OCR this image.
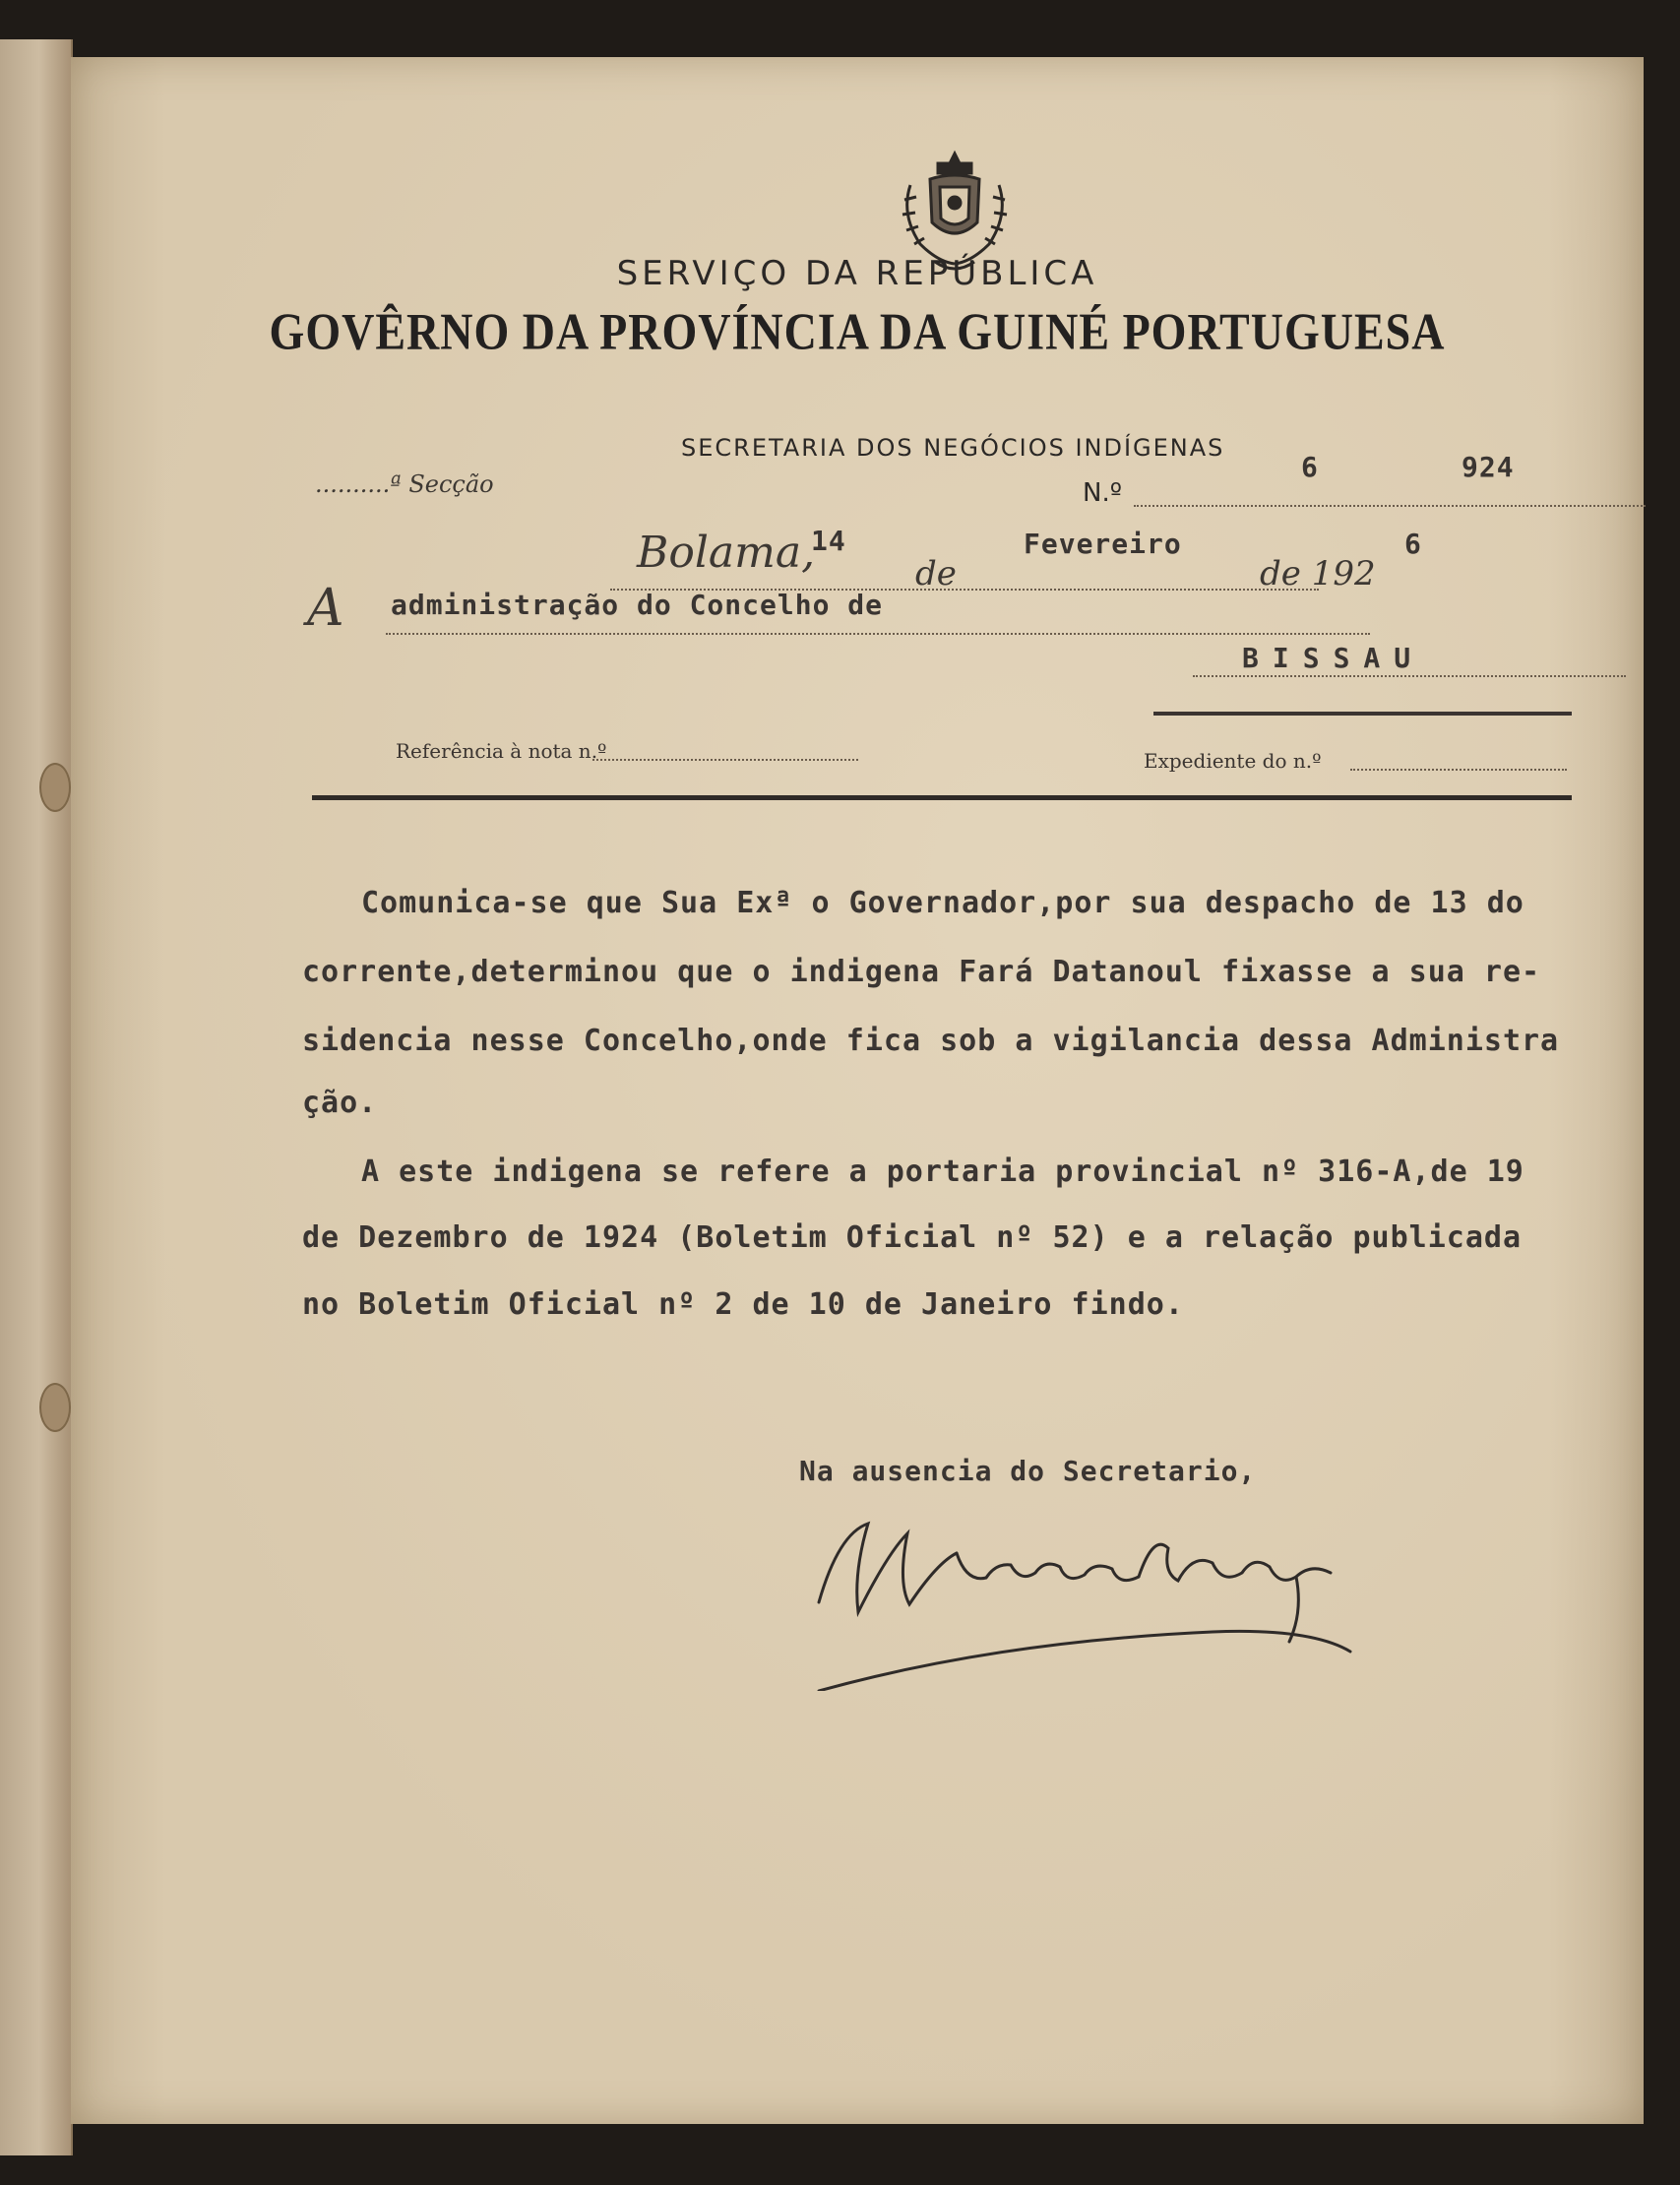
SERVIÇO DA REPÚBLICA
GOVÊRNO DA PROVÍNCIA DA GUINÉ PORTUGUESA
SECRETARIA DOS NEGÓCIOS INDÍGENAS
..........ª Secção	N.º
6	924
Bolama,
14
de
Fevereiro
de 192
6
A administração do Concelho de
BISSAU
Referência à nota n.º	Expediente do n.º
Comunica-se que Sua Exª o Governador,por sua despacho de 13 do
corrente,determinou que o indigena Fará Datanoul fixasse a sua re-
sidencia nesse Concelho,onde fica sob a vigilancia dessa Administra
ção.
A este indigena se refere a portaria provincial nº 316-A,de 19
de Dezembro de 1924 (Boletim Oficial nº 52) e a relação publicada
no Boletim Oficial nº 2 de 10 de Janeiro findo.
Na ausencia do Secretario,
